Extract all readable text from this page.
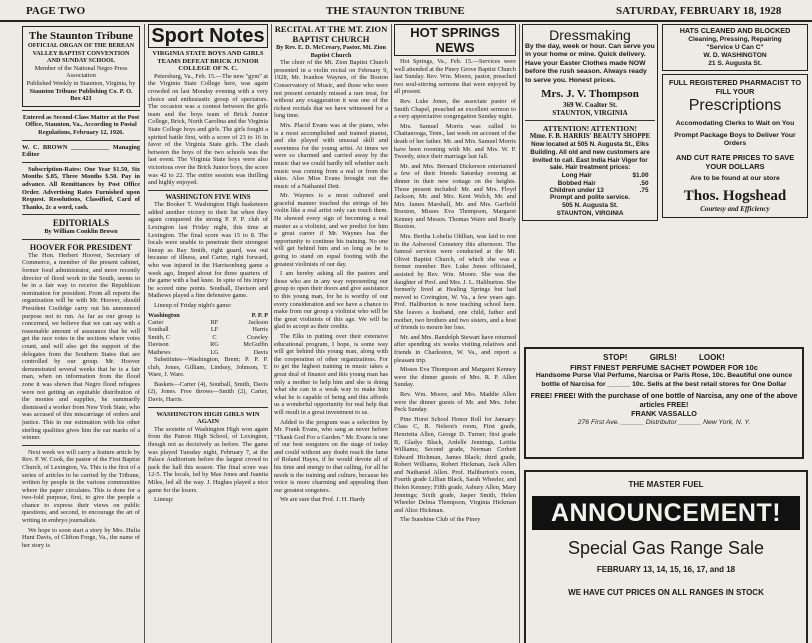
PAGE TWO	THE STAUNTON TRIBUNE	SATURDAY, FEBRUARY 18, 1928
The Staunton Tribune
OFFICIAL ORGAN OF THE BEREAN VALLEY BAPTIST CONVENTION AND SUNDAY SCHOOL
Member of the National Negro Press Association
Published Weekly in Staunton, Virginia, by
Staunton Tribune Publishing Co. P. O. Box 421

Entered as Second-Class Matter at the Post Office, Staunton, Va., According to Postal Regulations, February 12, 1926.

W. C. BROWN ____________ Managing Editor

Subscription-Rates: One Year $1.50, Six Months $.85, Three Months $.50. Pay in advance. All Remittances by Post Office Order. Advertising Rates Furnished upon Request. Resolutions, Classified, Card of Thanks, 2c a word, cash.

EDITORIALS
By William Conklin Brown
HOOVER FOR PRESIDENT

The Hon. Herbert Hoover, Secretary of Commerce, a member of the present cabinet, former food administrator, and more recently director of flood work in the South, seems to be in a fair way to receive the Republican nomination for president. From all reports the organization will be with Mr. Hoover, should President Coolidge carry out his announced purpose not to run. As far as our group is concerned, we believe that we can say with a reasonable amount of assurance that he will get the race votes in the sections where votes count, and will also get the support of the delegates from the Southern States that are controlled by our group. Mr. Hoover demonstrated several weeks that he is a fair man, when on information from the flood zone it was shown that Negro flood refugees were not getting an equitable distribution of the monies and supplies, he summarily dismissed a worker from New York State, who was accused of this miscarriage of orders and justice. This in our estimation with his other sterling qualities gives him the ear marks of a winner.

Next week we will carry a feature article by Rev. P. W. Cook, the pastor of the First Baptist Church, of Lexington, Va. This is the first of a series of articles to be carried by the Tribune, written by people in the various communities where the paper circulates. This is done for a two-fold purpose, first, to give the people a chance to express their views on public questions, and second, to encourage the art of writing in embryo journalists.

We hope to soon start a story by Mrs. Hulia Hunt Davis, of Clifton Forge, Va., the name of her story is

Sport Notes
VIRGINIA STATE BOYS AND GIRLS TEAMS DEFEAT BRICK JUNIOR COLLEGE OF N. C.

Petersburg, Va., Feb. 15.—The new "gym" at the Virginia State College here, was again crowded on last Monday evening with a very choice and enthusiastic group of spectators. The occasion was a contest between the girls team and the boys team of Brick Junior College, Brick, North Carolina and the Virginia State College boys and girls. The girls fought a spirited battle first, with a score of 23 to 16 in favor of the Virginia State girls. The clash between the boys of the two schools was the last event. The Virginia State boys were also victorious over the Brick Junior boys, the score was 42 to 22. The entire session was thrilling and highly enjoyed.

WASHINGTON FIVE WINS

The Booker T. Washington High basketeers added another victory to their list when they again conquered the strong P. P. P. club of Lexington last Friday night, this time at Lexington. The final score was 15 to 8. The locals were unable to penetrate their strongest lineup as Ray Smith, right guard, was out because of illness, and Carter, right forward, who was injured in the Harrisonburg game a week ago, limped about for three quarters of the game with a bad knee. In spite of his injury he scored nine points. Southall, Davison and Mathews played a fine defensive game.

Lineup of Friday night's game:

Washington		P. P. P
Carter	RF	Jackson
Southall	LF	Harris
Smith, C	C	Crawley
Davison	RG	McGuffin
Mathews	LG	Davis

Substitutes—Washington, Brent; P. P. P. club, Jones, Gilliam, Lindsey, Johnson, T. Ware, J. Ware.

Baskets—Carter (4), Southall, Smith, Davis (2), Jones. Free throws—Smith (2), Carter, Davis, Harris.

WASHINGTON HIGH GIRLS WIN AGAIN

The sextette of Washington High won again from the Patron High School, of Lexington, though not as decisively as before. The game was played Tuesday night, February 7, at the Palace Auditorium before the largest crowd to pack the hall this season. The final score was 12-5. The locals, led by Mae Jones and Juanita Miles, led all the way. J. Hughes played a nice game for the losers.

Lineup:

RECITAL AT THE MT. ZION BAPTIST CHURCH
By Rev. E. D. McCreary, Pastor, Mt. Zion Baptist Church

The choir of the Mt. Zion Baptist Church presented in a violin recital on February 9, 1928, Mr. Ivanhoe Waynes, of the Boston Conservatory of Music, and those who were not present certainly missed a rare treat, for without any exaggeration it was one of the richest recitals that we have witnessed for a long time.

Mrs. Placid Evans was at the piano, who is a most accomplished and trained pianist, and she played with unusual skill and sweetness for the young artist. At times we were so charmed and carried away by the music that we could hardly tell whether such music was coming from a real or from the skies. Also Miss Evans brought out the music of a Nathaniel Dett.

Mr. Waynes is a most cultured and graceful manner touched the strings of his violin like a real artist only can touch them. He showed every sign of becoming a real master as a violinist, and we predict for him a great career if Mr. Waynes has the opportunity to continue his training. No one will get behind him and so long as he is going to stand on equal footing with the greatest violinists of our day.

I am hereby asking all the pastors and those who are in any way representing our group to open their doors and give assistance to this young man, for he is worthy of our every consideration and we have a chance to make from our group a violinist who will be the great violinists of this age. We will be glad to accept as their credits.

The Elks in putting over their extensive educational program, I hope, is some way will get behind this young man, along with the cooperation of other organizations. For to get the highest training in music takes a great deal of finance and this young man has only a mother to help him and she is doing what she can in a weak way to make him what he is capable of being and this affords us a wonderful opportunity for real help that will result in a great investment to us.

Added to the program was a selection by Mr. Frank Evans, who sang as never before "Thank God For a Garden." Mr. Evans is one of our best songsters on the stage of today and could without any doubt reach the fame of Roland Hayes, if he would devote all of his time and energy to that calling, for all he needs is the training and culture, because his voice is more charming and appealing than our greatest songsters.

We are sure that Prof. J. H. Hardy

HOT SPRINGS NEWS

Hot Springs, Va., Feb. 15.—Services were well attended at the Piney Grove Baptist Church last Sunday. Rev. Wm. Moore, pastor, preached two soul-stirring sermons that were enjoyed by all present.

Rev. Luke Jones, the associate pastor of Smith Chapel, preached an excellent sermon to a very appreciative congregation Sunday night.

Mrs. Samuel Morris was called to Chattanooga, Tenn., last week on account of the death of her father. Mr. and Mrs. Samuel Morris have been rooming with Mr. and Mrs. W. P. Tweedy, since their marriage last fall.

Mr. and Mrs. Bernard Dickerson entertained a few of their friends Saturday evening at dinner in their new cottage on the heights. Those present included: Mr. and Mrs. Floyd Jackson, Mr. and Mrs. Kent Welch, Mr. and Mrs. James Marshall, Mr. and Mrs. Garfield Braxton, Misses Eva Thompson, Margaret Kenney and Messrs. Thomas Waire and Bearly Braxton.

Mrs. Bertha Lobelia Oldlian, was laid to rest in the Ashwood Cemetery this afternoon. The funeral services were conducted at the Mt. Olivet Baptist Church, of which she was a former member. Rev. Luke Jones officiated, assisted by Rev. Wm. Moore. She was the daughter of Prof. and Mrs. J. L. Haliburton. She formerly lived at Healing Springs but had moved to Covington, W. Va., a few years ago. Prof. Haliburton is now teaching school here. She leaves a husband, one child, father and mother, two brothers and two sisters, and a host of friends to mourn her loss.

Mr. and Mrs. Randolph Stewart have returned after spending six weeks visiting relatives and friends in Charleston, W. Va., and report a pleasant trip.

Misses Eva Thompson and Margaret Kenney were the dinner guests of Mrs. R. P. Allen Sunday.

Rev. Wm. Moore, and Mrs. Maddie Allen were the dinner guests of Mr. and Mrs. John Peck Sunday.

Pine Horst School Honor Roll for January: Class C, R. Nelson's room, First grade, Henrietta Allen, George D. Turner; first grade B, Gladys Black, Ardelle Jennings, Letitia Williams; Second grade, Norman Corbett Edward Hickman, James Black; third grade, Robert Williams, Robert Hickman, Jack Allen and Nathaniel Allen. Prof. Haliburton's room, Fourth grade Lillian Black, Sarah Wheeler, and Helen Kenney; Fifth grade, Asbury Allen, Mary Jennings; Sixth grade, Jasper Smith, Helen Wheeler Delma Thompson, Virginia Hickman and Alice Hickman.

The Sunshine Club of the Piney

Dressmaking
By the day, week or hour. Can serve you in your home or mine. Quick delivery. Have your Easter Clothes made NOW before the rush season. Always ready to serve you. Honest prices.
Mrs. J. V. Thompson
369 W. Coalter St.
STAUNTON, VIRGINIA
ATTENTION! ATTENTION!
Mme. F. B. HARRIS' BEAUTY SHOPPE
Now located at 505 N. Augusta St., Elks Building. All old and new customers are invited to call. East India Hair Vigor for sale. Hair treatment prices:
Long Hair	$1.00
Bobbed Hair	.50
Children under 13	.75
Prompt and polite service.
505 N. Augusta St.
STAUNTON, VIRGINIA
HATS CLEANED AND BLOCKED
Cleaning, Pressing, Repairing
"Service U Can C"
W. D. WASHINGTON
21 S. Augusta St.
FULL REGISTERED PHARMACIST TO FILL YOUR
Prescriptions
Accomodating Clerks to Wait on You
Prompt Package Boys to Deliver Your Orders
AND CUT RATE PRICES TO SAVE YOUR DOLLARS
Are to be found at our store
Thos. Hogshead
Courtesy and Efficiency
STOP!          GIRLS!          LOOK!
FIRST FINEST PERFUME SACHET POWDER FOR 10c
Handsome Purse Vial Perfume, Narcisa or Paris Rose, 10c. Beautiful one ounce bottle of Narcisa for ______ 10c. Sells at the best retail stores for One Dollar
FREE! FREE! With the purchase of one bottle of Narcisa, any one of the above articles FREE!
FRANK VASSALLO
276 First Ave. ______ Distributor ______ New York, N. Y.
THE MASTER FUEL
ANNOUNCEMENT!
Special Gas Range Sale
FEBRUARY 13, 14, 15, 16, 17, and 18
WE HAVE CUT PRICES ON ALL RANGES IN STOCK
